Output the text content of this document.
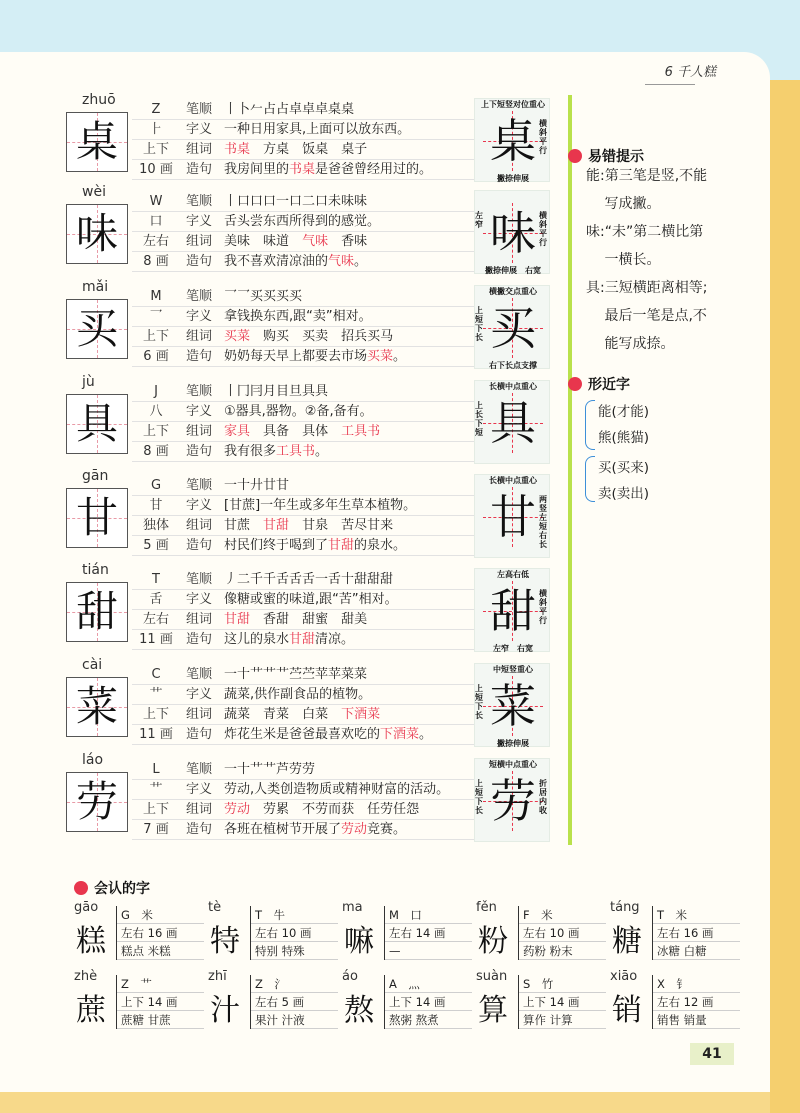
6 千人糕
zhuō
桌
Z	笔顺 丨卜𠂉占占卓卓卓桌桌
⺊	字义 一种日用家具,上面可以放东西。
上下	组词 书桌　 方桌　 饭桌　 桌子
10 画	造句 我房间里的书桌是爸爸曾经用过的。
上下短竖对位重心
桌
撇捺伸展
横斜平行
wèi
味
W	笔顺 丨口口口一口二口未味味
口	字义 舌头尝东西所得到的感觉。
左右	组词 美味　 味道　 气味　 香味
8 画	造句 我不喜欢清凉油的气味。
味
撇捺伸展　 右宽
左窄
横斜平行
mǎi
买
M	笔顺 乛乛买买买买
乛	字义 拿钱换东西,跟“卖”相对。
上下	组词 买菜　 购买　 买卖　 招兵买马
6 画	造句 奶奶每天早上都要去市场买菜。
横撇交点重心
买
右下长点支撑
上短下长
jù
具
J	笔顺 丨冂冃月目旦具具
八	字义 ①器具,器物。②备,备有。
上下	组词 家具　 具备　 具体　 工具书
8 画	造句 我有很多工具书。
长横中点重心
具
上长下短
gān
甘
G	笔顺 一十廾廿甘
甘	字义 [甘蔗]一年生或多年生草本植物。
独体	组词 甘蔗　 甘甜　 甘泉　 苦尽甘来
5 画	造句 村民们终于喝到了甘甜的泉水。
长横中点重心
甘 两竖左短右长
tián
甜
T	笔顺 丿二千千舌舌舌一舌十甜甜甜
舌	字义 像糖或蜜的味道,跟“苦”相对。
左右	组词 甘甜　 香甜　 甜蜜　 甜美
11 画	造句 这儿的泉水甘甜清凉。
左高右低
甜
左窄　 右宽
横斜平行
cài
菜
C	笔顺 一十艹艹艹苎苎苹苹菜菜
艹	字义 蔬菜,供作副食品的植物。
上下	组词 蔬菜　 青菜　 白菜　 下酒菜
11 画	造句 炸花生米是爸爸最喜欢吃的下酒菜。
中短竖重心
菜
撇捺伸展
上短下长
láo
劳
L	笔顺 一十艹艹芦劳劳
艹	字义 劳动,人类创造物质或精神财富的活动。
上下	组词 劳动　 劳累　 不劳而获　 任劳任怨
7 画	造句 各班在植树节开展了劳动竞赛。
短横中点重心
劳
上短下长
折居内收
易错提示
能:第三笔是竖,不能
　 写成撇。
味:“未”第二横比第
　 一横长。
具:三短横距离相等;
　 最后一笔是点,不
　 能写成捺。
形近字
能(才能)
熊(熊猫)
买(买来)
卖(卖出)
会认的字
gāo
糕
G　米
左右 16 画
糕点 米糕
tè
特
T　牛
左右 10 画
特别 特殊
ma
嘛
M　口
左右 14 画
—
fěn
粉
F　米
左右 10 画
药粉 粉末
táng
糖
T　米
左右 16 画
冰糖 白糖
zhè
蔗
Z　艹
上下 14 画
蔗糖 甘蔗
zhī
汁
Z　氵
左右 5 画
果汁 汁液
áo
熬
A　灬
上下 14 画
熬粥 熬煮
suàn
算
S　竹
上下 14 画
算作 计算
xiāo
销
X　钅
左右 12 画
销售 销量
41
